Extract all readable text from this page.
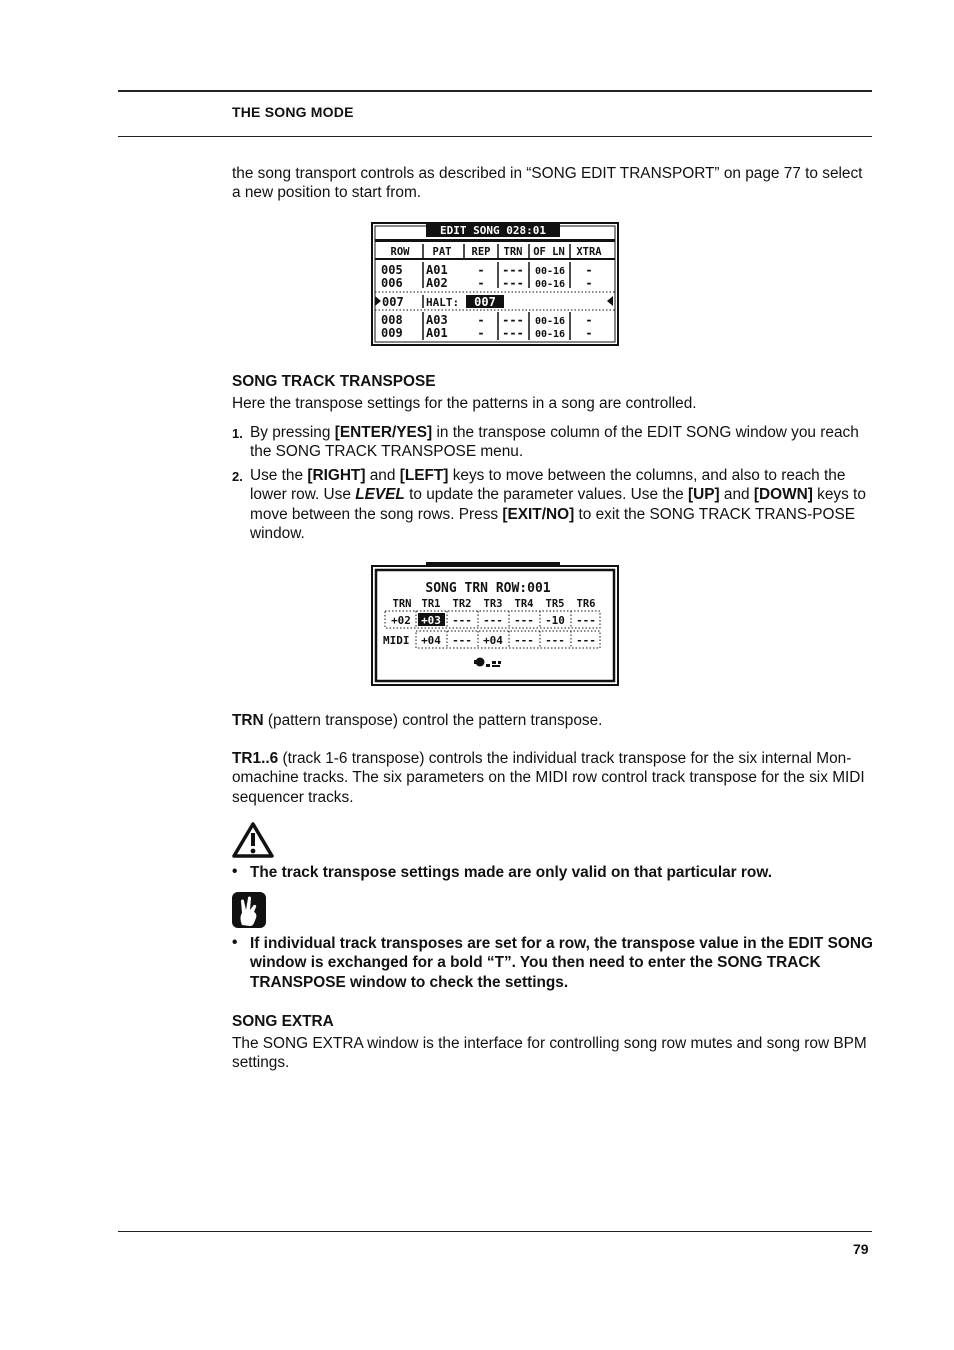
THE SONG MODE
the song transport controls as described in “SONG EDIT TRANSPORT” on page 77 to select a new position to start from.
EDIT SONG 028:01
ROW PAT REP TRN OF LN XTRA
005 A01 - --- 00-16 -
006 A02 - --- 00-16 -
007 HALT: 007
008 A03 - --- 00-16 -
009 A01 - --- 00-16 -
SONG TRACK TRANSPOSE
Here the transpose settings for the patterns in a song are controlled.
1. By pressing [ENTER/YES] in the transpose column of the EDIT SONG window you reach the SONG TRACK TRANSPOSE menu.
2. Use the [RIGHT] and [LEFT] keys to move between the columns, and also to reach the lower row. Use LEVEL to update the parameter values. Use the [UP] and [DOWN] keys to move between the song rows. Press [EXIT/NO] to exit the SONG TRACK TRANS-POSE window.
SONG TRN ROW:001
TRN TR1 TR2 TR3 TR4 TR5 TR6
+02 +03 --- --- --- -10 ---
MIDI +04 --- +04 --- --- ---
TRN (pattern transpose) control the pattern transpose.
TR1..6 (track 1-6 transpose) controls the individual track transpose for the six internal Mon-omachine tracks. The six parameters on the MIDI row control track transpose for the six MIDI sequencer tracks.
• The track transpose settings made are only valid on that particular row.
• If individual track transposes are set for a row, the transpose value in the EDIT SONG window is exchanged for a bold “T”. You then need to enter the SONG TRACK TRANSPOSE window to check the settings.
SONG EXTRA
The SONG EXTRA window is the interface for controlling song row mutes and song row BPM settings.
79
